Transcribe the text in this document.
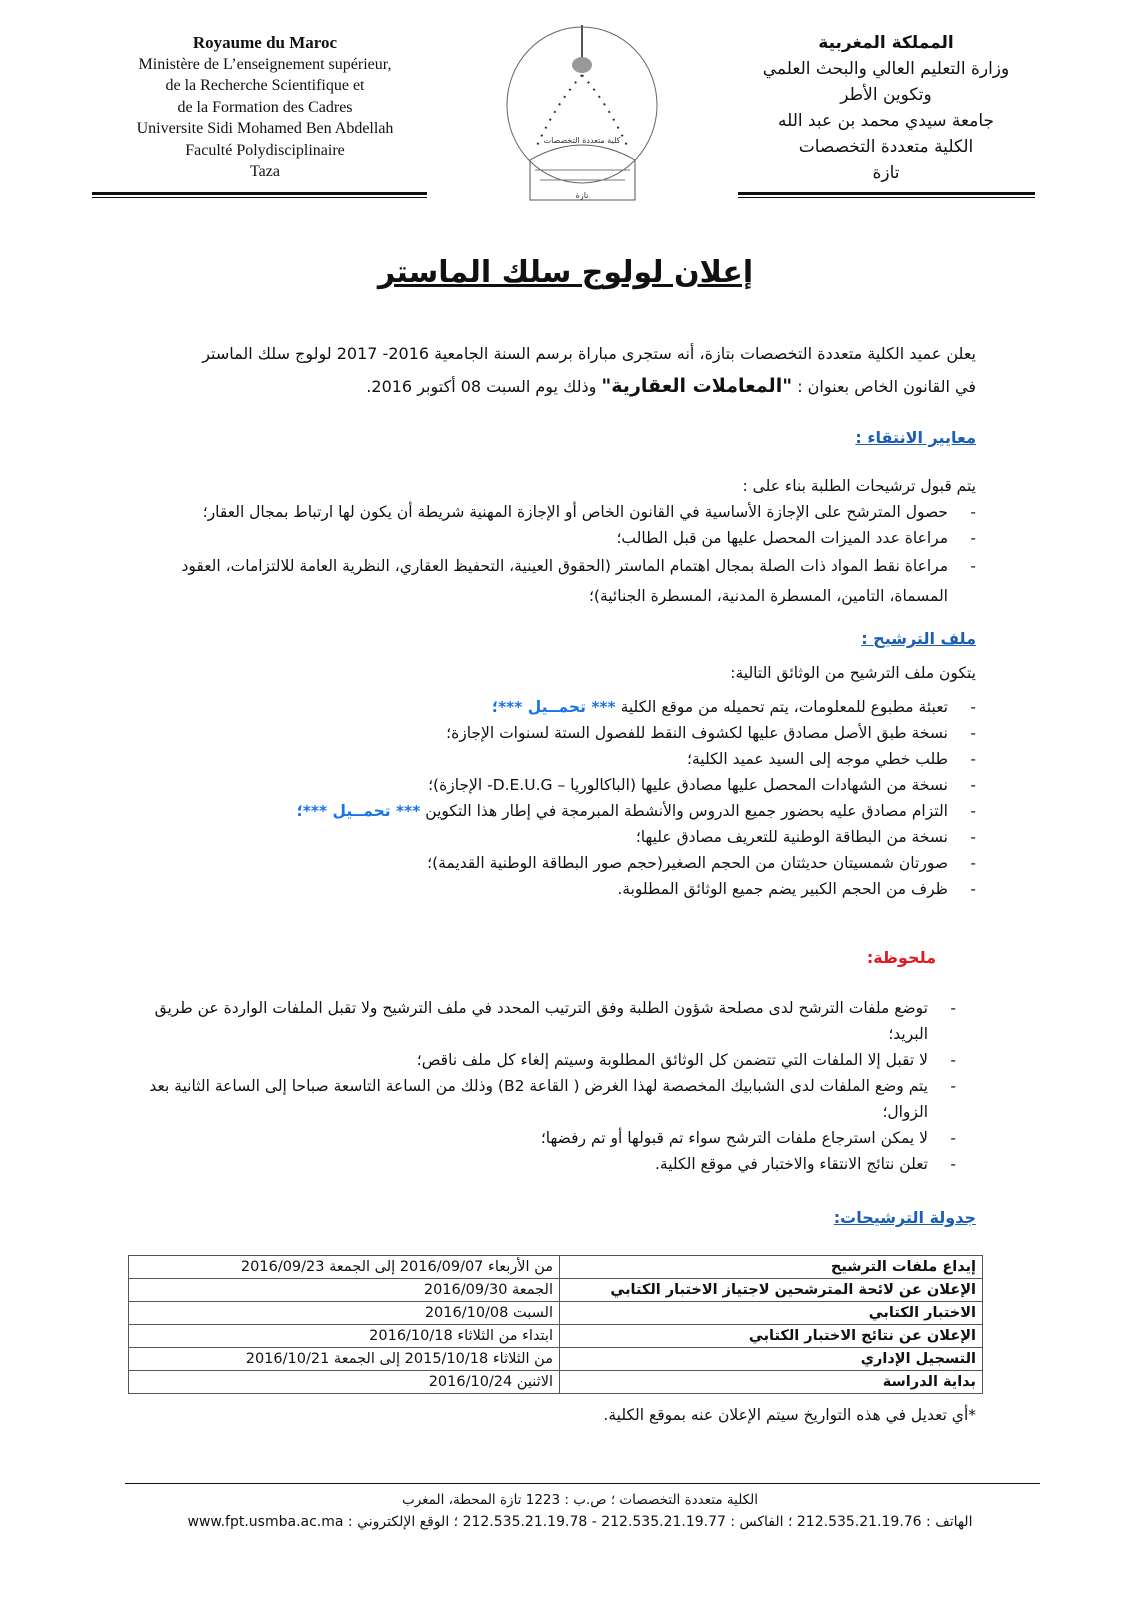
Royaume du Maroc
Ministère de L’enseignement supérieur,
de la Recherche Scientifique et
de la Formation des Cadres
Universite Sidi Mohamed Ben Abdellah
Faculté Polydisciplinaire
Taza
كلية متعددة التخصصات
تازة
المملكة المغربية
وزارة التعليم العالي والبحث العلمي
وتكوين الأطر
جامعة سيدي محمد بن عبد الله
الكلية متعددة التخصصات
تازة
إعلان لولوج سلك الماستر
يعلن عميد الكلية متعددة التخصصات بتازة، أنه ستجرى مباراة برسم السنة الجامعية 2016- 2017 لولوج سلك الماستر
في القانون الخاص بعنوان : "المعاملات العقارية" وذلك يوم السبت 08 أكتوبر 2016.
معايير الانتقاء :
يتم قبول ترشيحات الطلبة بناء على :
- حصول المترشح على الإجازة الأساسية في القانون الخاص أو الإجازة المهنية شريطة أن يكون لها ارتباط بمجال العقار؛
- مراعاة عدد الميزات المحصل عليها من قبل الطالب؛
- مراعاة نقط المواد ذات الصلة بمجال اهتمام الماستر (الحقوق العينية، التحفيظ العقاري، النظرية العامة للالتزامات، العقود المسماة، التامين، المسطرة المدنية، المسطرة الجنائية)؛
ملف الترشيح :
يتكون ملف الترشيح من الوثائق التالية:
- تعبئة مطبوع للمعلومات، يتم تحميله من موقع الكلية *** تحمــيل ***؛
- نسخة طبق الأصل مصادق عليها لكشوف النقط للفصول الستة لسنوات الإجازة؛
- طلب خطي موجه إلى السيد عميد الكلية؛
- نسخة من الشهادات المحصل عليها مصادق عليها (الباكالوريا – D.E.U.G- الإجازة)؛
- التزام مصادق عليه بحضور جميع الدروس والأنشطة المبرمجة في إطار هذا التكوين *** تحمــيل ***؛
- نسخة من البطاقة الوطنية للتعريف مصادق عليها؛
- صورتان شمسيتان حديثتان من الحجم الصغير(حجم صور البطاقة الوطنية القديمة)؛
- ظرف من الحجم الكبير يضم جميع الوثائق المطلوبة.
ملحوظة:
- توضع ملفات الترشح لدى مصلحة شؤون الطلبة وفق الترتيب المحدد في ملف الترشيح ولا تقبل الملفات الواردة عن طريق البريد؛
- لا تقبل إلا الملفات التي تتضمن كل الوثائق المطلوبة وسيتم إلغاء كل ملف ناقص؛
- يتم وضع الملفات لدى الشبابيك المخصصة لهذا الغرض ( القاعة B2) وذلك من الساعة التاسعة صباحا إلى الساعة الثانية بعد الزوال؛
- لا يمكن استرجاع ملفات الترشح سواء تم قبولها أو تم رفضها؛
- تعلن نتائج الانتقاء والاختبار في موقع الكلية.
جدولة الترشيحات:
إيداع ملفات الترشيح	من الأربعاء 2016/09/07 إلى الجمعة 2016/09/23
الإعلان عن لائحة المترشحين لاجتياز الاختبار الكتابي	الجمعة 2016/09/30
الاختبار الكتابي	السبت 2016/10/08
الإعلان عن نتائج الاختبار الكتابي	ابتداء من الثلاثاء 2016/10/18
التسجيل الإداري	من الثلاثاء 2015/10/18 إلى الجمعة 2016/10/21
بداية الدراسة	الاثنين 2016/10/24
*أي تعديل في هذه التواريخ سيتم الإعلان عنه بموقع الكلية.
الكلية متعددة التخصصات ؛ ص.ب : 1223 تازة المحطة، المغرب
الهاتف : 212.535.21.19.76 ؛ الفاكس : 212.535.21.19.77 - 212.535.21.19.78 ؛ الوقع الإلكتروني : www.fpt.usmba.ac.ma
